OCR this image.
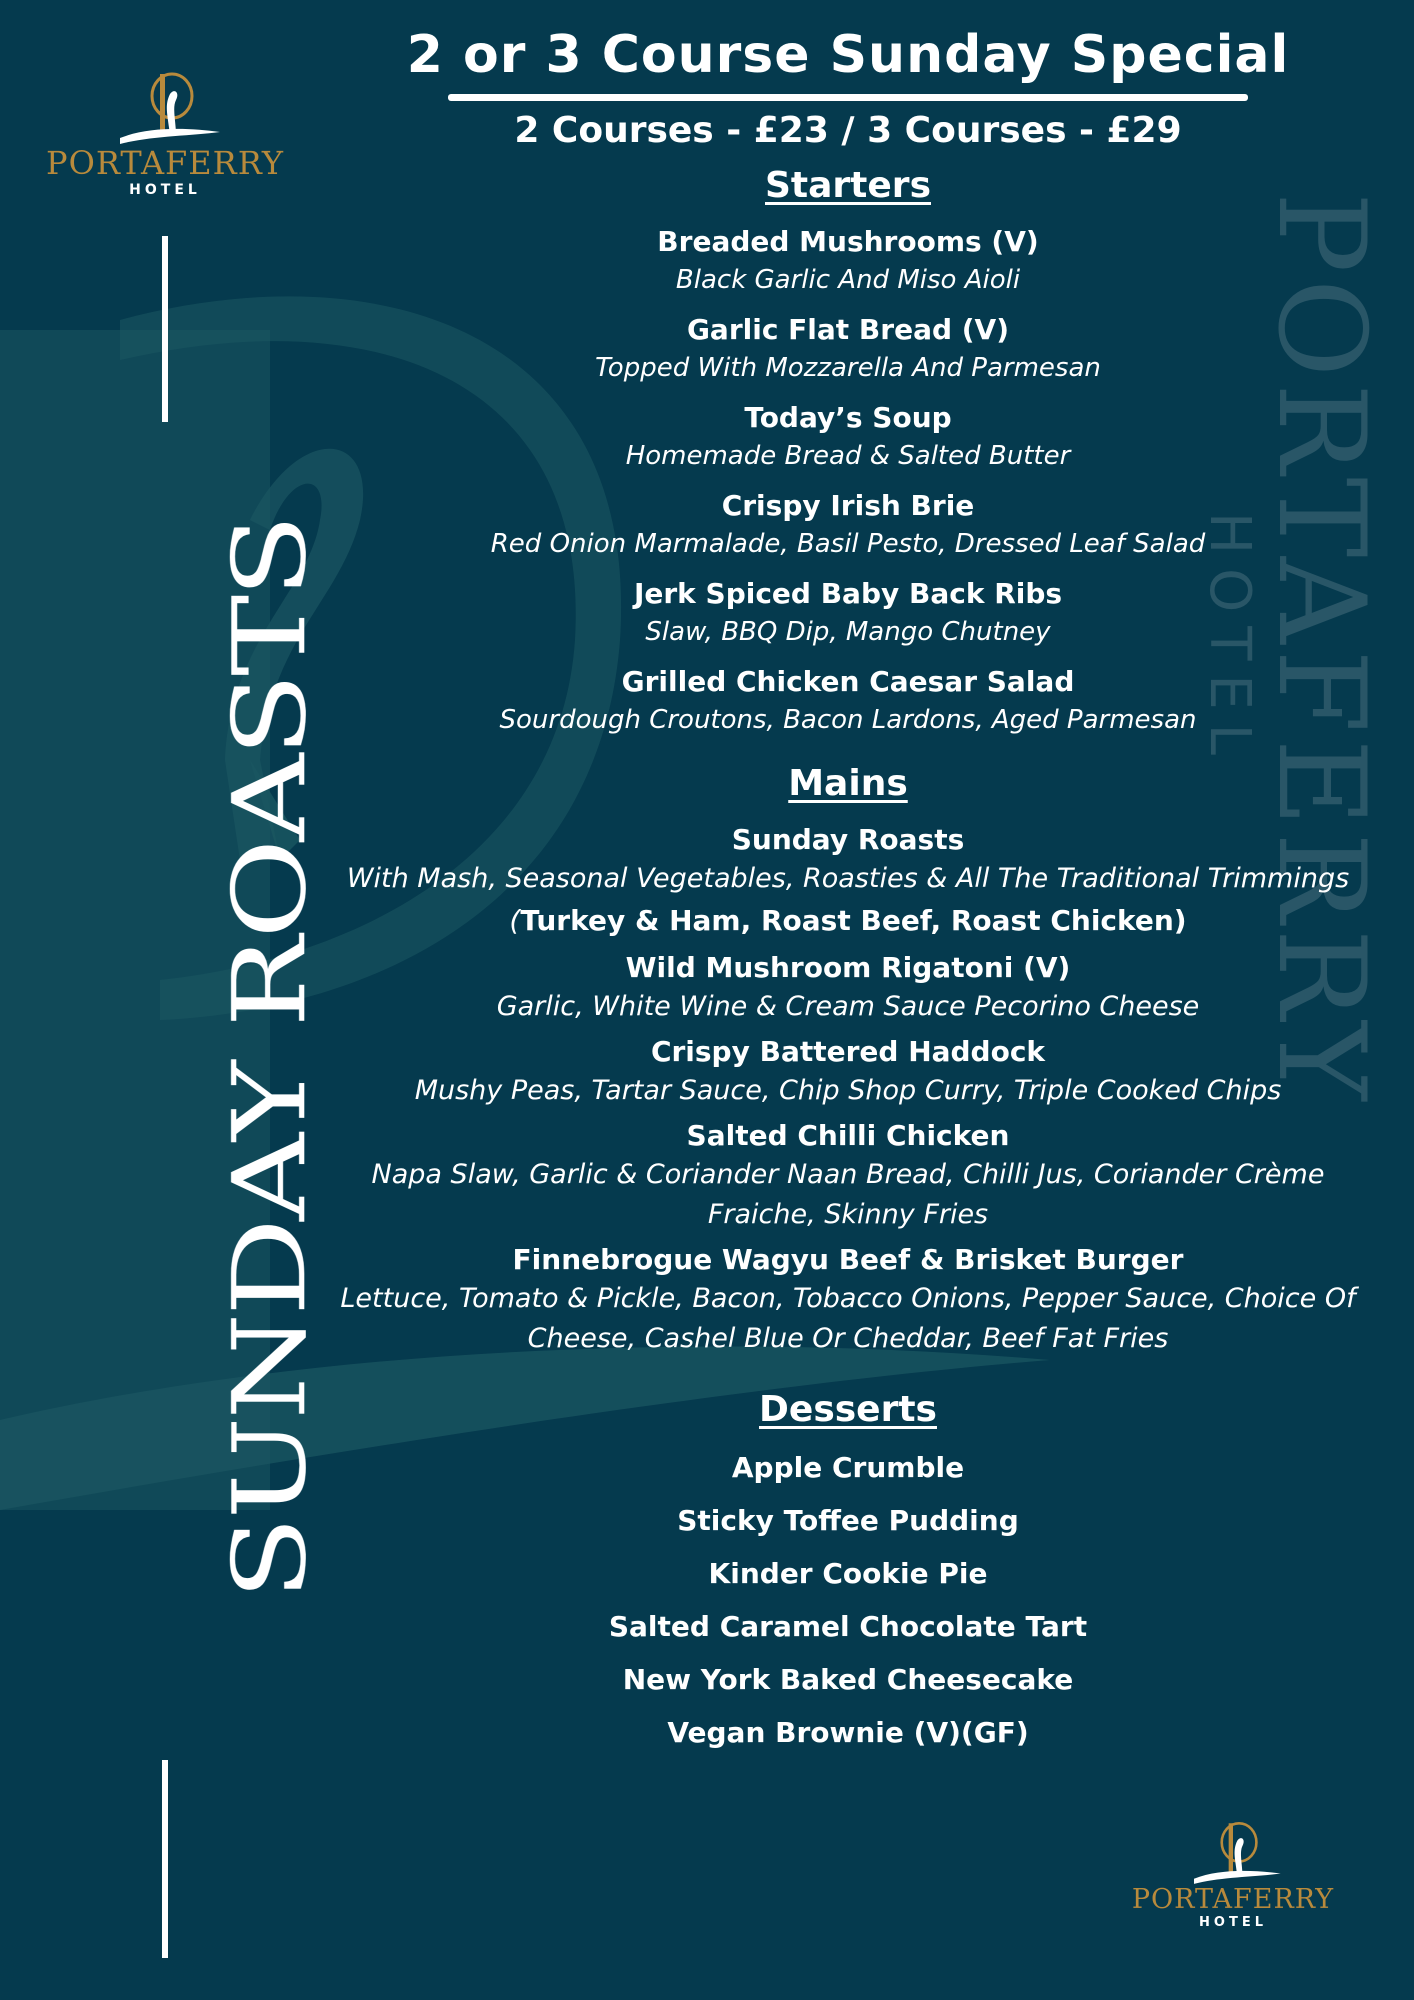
PORTAFERRY
HOTEL
PORTAFERRY
HOTEL
PORTAFERRY
HOTEL
SUNDAY ROASTS
2 or 3 Course Sunday Special
2 Courses - £23 / 3 Courses - £29
Starters
Breaded Mushrooms (V)
Black Garlic And Miso Aioli
Garlic Flat Bread (V)
Topped With Mozzarella And Parmesan
Today’s Soup
Homemade Bread & Salted Butter
Crispy Irish Brie
Red Onion Marmalade, Basil Pesto, Dressed Leaf Salad
Jerk Spiced Baby Back Ribs
Slaw, BBQ Dip, Mango Chutney
Grilled Chicken Caesar Salad
Sourdough Croutons, Bacon Lardons, Aged Parmesan
Mains
Sunday Roasts
With Mash, Seasonal Vegetables, Roasties & All The Traditional Trimmings
(Turkey & Ham, Roast Beef, Roast Chicken)
Wild Mushroom Rigatoni (V)
Garlic, White Wine & Cream Sauce Pecorino Cheese
Crispy Battered Haddock
Mushy Peas, Tartar Sauce, Chip Shop Curry, Triple Cooked Chips
Salted Chilli Chicken
Napa Slaw, Garlic & Coriander Naan Bread, Chilli Jus, Coriander Crème Fraiche, Skinny Fries
Finnebrogue Wagyu Beef & Brisket Burger
Lettuce, Tomato & Pickle, Bacon, Tobacco Onions, Pepper Sauce, Choice Of Cheese, Cashel Blue Or Cheddar, Beef Fat Fries
Desserts
Apple Crumble
Sticky Toffee Pudding
Kinder Cookie Pie
Salted Caramel Chocolate Tart
New York Baked Cheesecake
Vegan Brownie (V)(GF)
